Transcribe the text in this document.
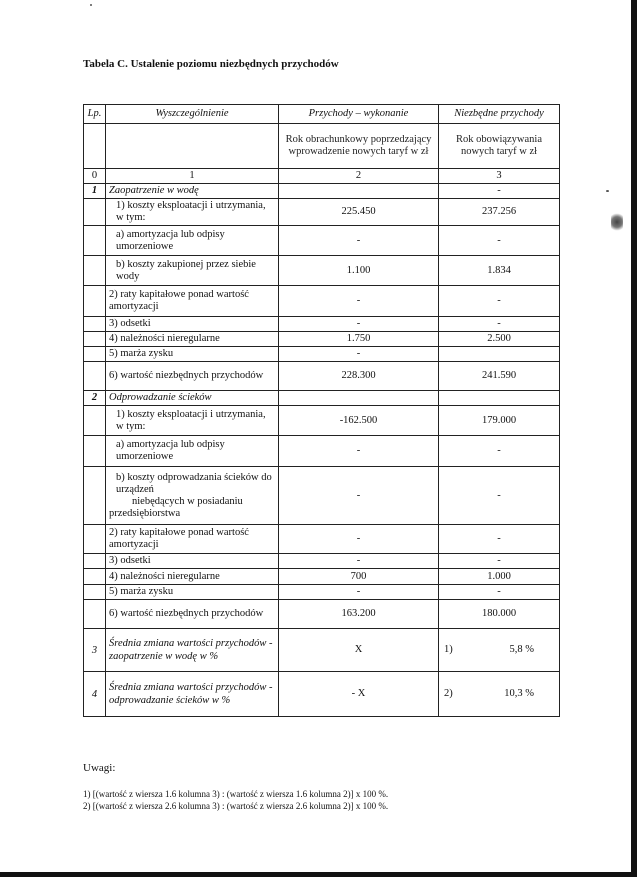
Tabela C. Ustalenie poziomu niezbędnych przychodów
Lp.	Wyszczególnienie	Przychody – wykonanie	Niezbędne przychody
		Rok obrachunkowy poprzedzający wprowadzenie nowych taryf w zł	Rok obowiązywania nowych taryf w zł
0	1	2	3
1	Zaopatrzenie w wodę		-
	1) koszty eksploatacji i utrzymania, w tym:	225.450	237.256
	a) amortyzacja lub odpisy umorzeniowe	-	-
	b) koszty zakupionej przez siebie wody	1.100	1.834
	2) raty kapitałowe ponad wartość amortyzacji	-	-
	3) odsetki	-	-
	4) należności nieregularne	1.750	2.500
	5) marża zysku	-	
	6) wartość niezbędnych przychodów	228.300	241.590
2	Odprowadzanie ścieków		
	1) koszty eksploatacji i utrzymania, w tym:	-162.500	179.000
	a) amortyzacja lub odpisy umorzeniowe	-	-

	b) koszty odprowadzania ścieków do urządzeń
niebędących w posiadaniu
przedsiębiorstwa	-	-
	2) raty kapitałowe ponad wartość amortyzacji	-	-
	3) odsetki	-	-
	4) należności nieregularne	700	1.000
	5) marża zysku	-	-
	6) wartość niezbędnych przychodów	163.200	180.000
3	Średnia zmiana wartości przychodów - zaopatrzenie w wodę w %	X	1) 5,8 %

4	Średnia zmiana wartości przychodów - odprowadzanie ścieków w %	- X	2) 10,3 %
Uwagi:
1) [(wartość z wiersza 1.6 kolumna 3) : (wartość z wiersza 1.6 kolumna 2)] x 100 %.
2) [(wartość z wiersza 2.6 kolumna 3) : (wartość z wiersza 2.6 kolumna 2)] x 100 %.
